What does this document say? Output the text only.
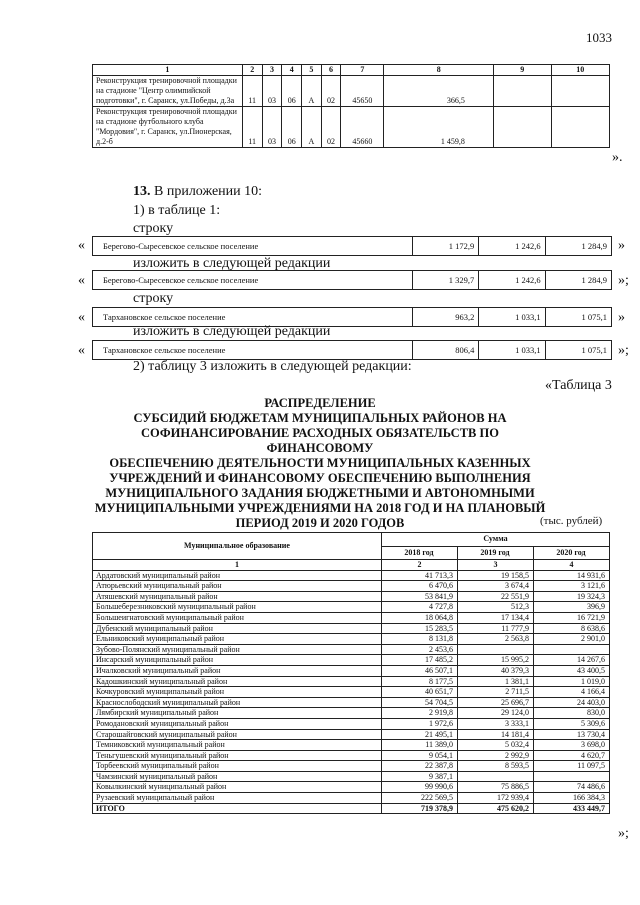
1033
1	2	3	4	5	6	7	8	9	10
Реконструкция тренировочной площадки на стадионе "Центр олимпийской подготовки", г. Саранск, ул.Победы, д.3а	11	03	06	А	02	45650	366,5		
Реконструкция тренировочной площадки на стадионе футбольного клуба "Мордовия", г. Саранск, ул.Пионерская, д.2-б	11	03	06	А	02	45660	1 459,8		
».
13. В приложении 10:
1) в таблице 1:
строку
« Берегово-Сыресевское сельское поселение	1 172,9	1 242,6	1 284,9 »
изложить в следующей редакции
« Берегово-Сыресевское сельское поселение	1 329,7	1 242,6	1 284,9 »;
строку
« Тархановское сельское поселение	963,2	1 033,1	1 075,1 »
изложить в следующей редакции
« Тархановское сельское поселение	806,4	1 033,1	1 075,1 »;
2) таблицу 3 изложить в следующей редакции:
«Таблица 3
РАСПРЕДЕЛЕНИЕ
СУБСИДИЙ БЮДЖЕТАМ МУНИЦИПАЛЬНЫХ РАЙОНОВ НА
СОФИНАНСИРОВАНИЕ РАСХОДНЫХ ОБЯЗАТЕЛЬСТВ ПО ФИНАНСОВОМУ
ОБЕСПЕЧЕНИЮ ДЕЯТЕЛЬНОСТИ МУНИЦИПАЛЬНЫХ КАЗЕННЫХ
УЧРЕЖДЕНИЙ И ФИНАНСОВОМУ ОБЕСПЕЧЕНИЮ ВЫПОЛНЕНИЯ
МУНИЦИПАЛЬНОГО ЗАДАНИЯ БЮДЖЕТНЫМИ И АВТОНОМНЫМИ
МУНИЦИПАЛЬНЫМИ УЧРЕЖДЕНИЯМИ НА 2018 ГОД И НА ПЛАНОВЫЙ
ПЕРИОД 2019 И 2020 ГОДОВ	(тыс. рублей)
Муниципальное образование	Сумма		
	2018 год	2019 год	2020 год
1	2	3	4
Ардатовский муниципальный район	41 713,3	19 158,5	14 931,6
Атюрьевский муниципальный район	6 470,6	3 674,4	3 121,6
Атяшевский муниципальный район	53 841,9	22 551,9	19 324,3
Большеберезниковский муниципальный район	4 727,8	512,3	396,9
Большеигнатовский муниципальный район	18 064,8	17 134,4	16 721,9
Дубенский муниципальный район	15 283,5	11 777,9	8 638,6
Ельниковский муниципальный район	8 131,8	2 563,8	2 901,0
Зубово-Полянский муниципальный район	2 453,6		
Инсарский муниципальный район	17 485,2	15 995,2	14 267,6
Ичалковский муниципальный район	46 507,1	40 379,3	43 400,5
Кадошкинский муниципальный район	8 177,5	1 381,1	1 019,0
Кочкуровский муниципальный район	40 651,7	2 711,5	4 166,4
Краснослободский муниципальный район	54 704,5	25 696,7	24 403,0
Лямбирский муниципальный район	2 919,8	29 124,0	830,0
Ромодановский муниципальный район	1 972,6	3 333,1	5 309,6
Старошайговский муниципальный район	21 495,1	14 181,4	13 730,4
Темниковский муниципальный район	11 389,0	5 032,4	3 698,0
Теньгушевский муниципальный район	9 054,1	2 992,9	4 620,7
Торбеевский муниципальный район	22 387,8	8 593,5	11 097,5
Чамзинский муниципальный район	9 387,1		
Ковылкинский муниципальный район	99 990,6	75 886,5	74 486,6
Рузаевский муниципальный район	222 569,5	172 939,4	166 384,3
ИТОГО	719 378,9	475 620,2	433 449,7
»;
